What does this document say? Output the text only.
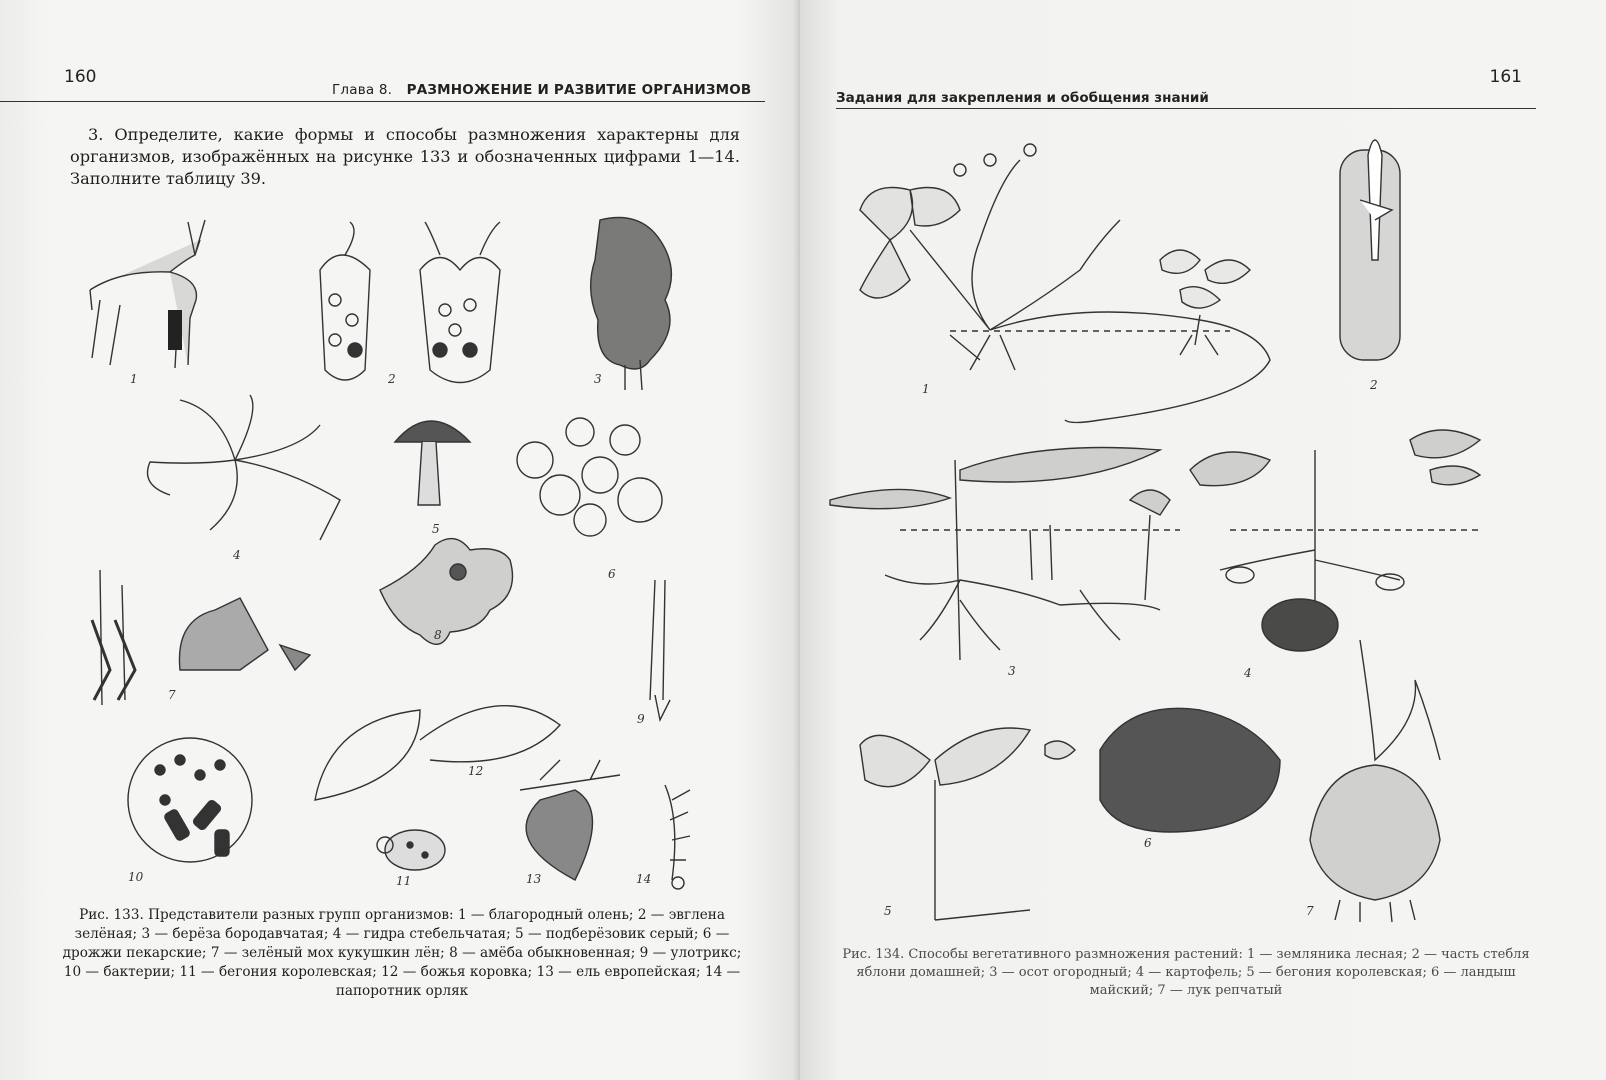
160
Глава 8. РАЗМНОЖЕНИЕ И РАЗВИТИЕ ОРГАНИЗМОВ

3. Определите, какие формы и способы размножения характерны для организмов, изображённых на рисунке 133 и обозначенных цифрами 1—14. Заполните таблицу 39.

1	2	3
4
5
6
7
8
9
10	11
12
13	14
Рис. 133. Представители разных групп организмов: 1 — благородный олень; 2 — эвглена зелёная; 3 — берёза бородавчатая; 4 — гидра стебельчатая; 5 — подберёзовик серый; 6 — дрожжи пекарские; 7 — зелёный мох кукушкин лён; 8 — амёба обыкновенная; 9 — улотрикс; 10 — бактерии; 11 — бегония королевская; 12 — божья коровка; 13 — ель европейская; 14 — папоротник орляк
Задания для закрепления и обобщения знаний
161
1	2
3	4
5
6
7
Рис. 134. Способы вегетативного размножения растений: 1 — земляника лесная; 2 — часть стебля яблони домашней; 3 — осот огородный; 4 — картофель; 5 — бегония королевская; 6 — ландыш майский; 7 — лук репчатый
